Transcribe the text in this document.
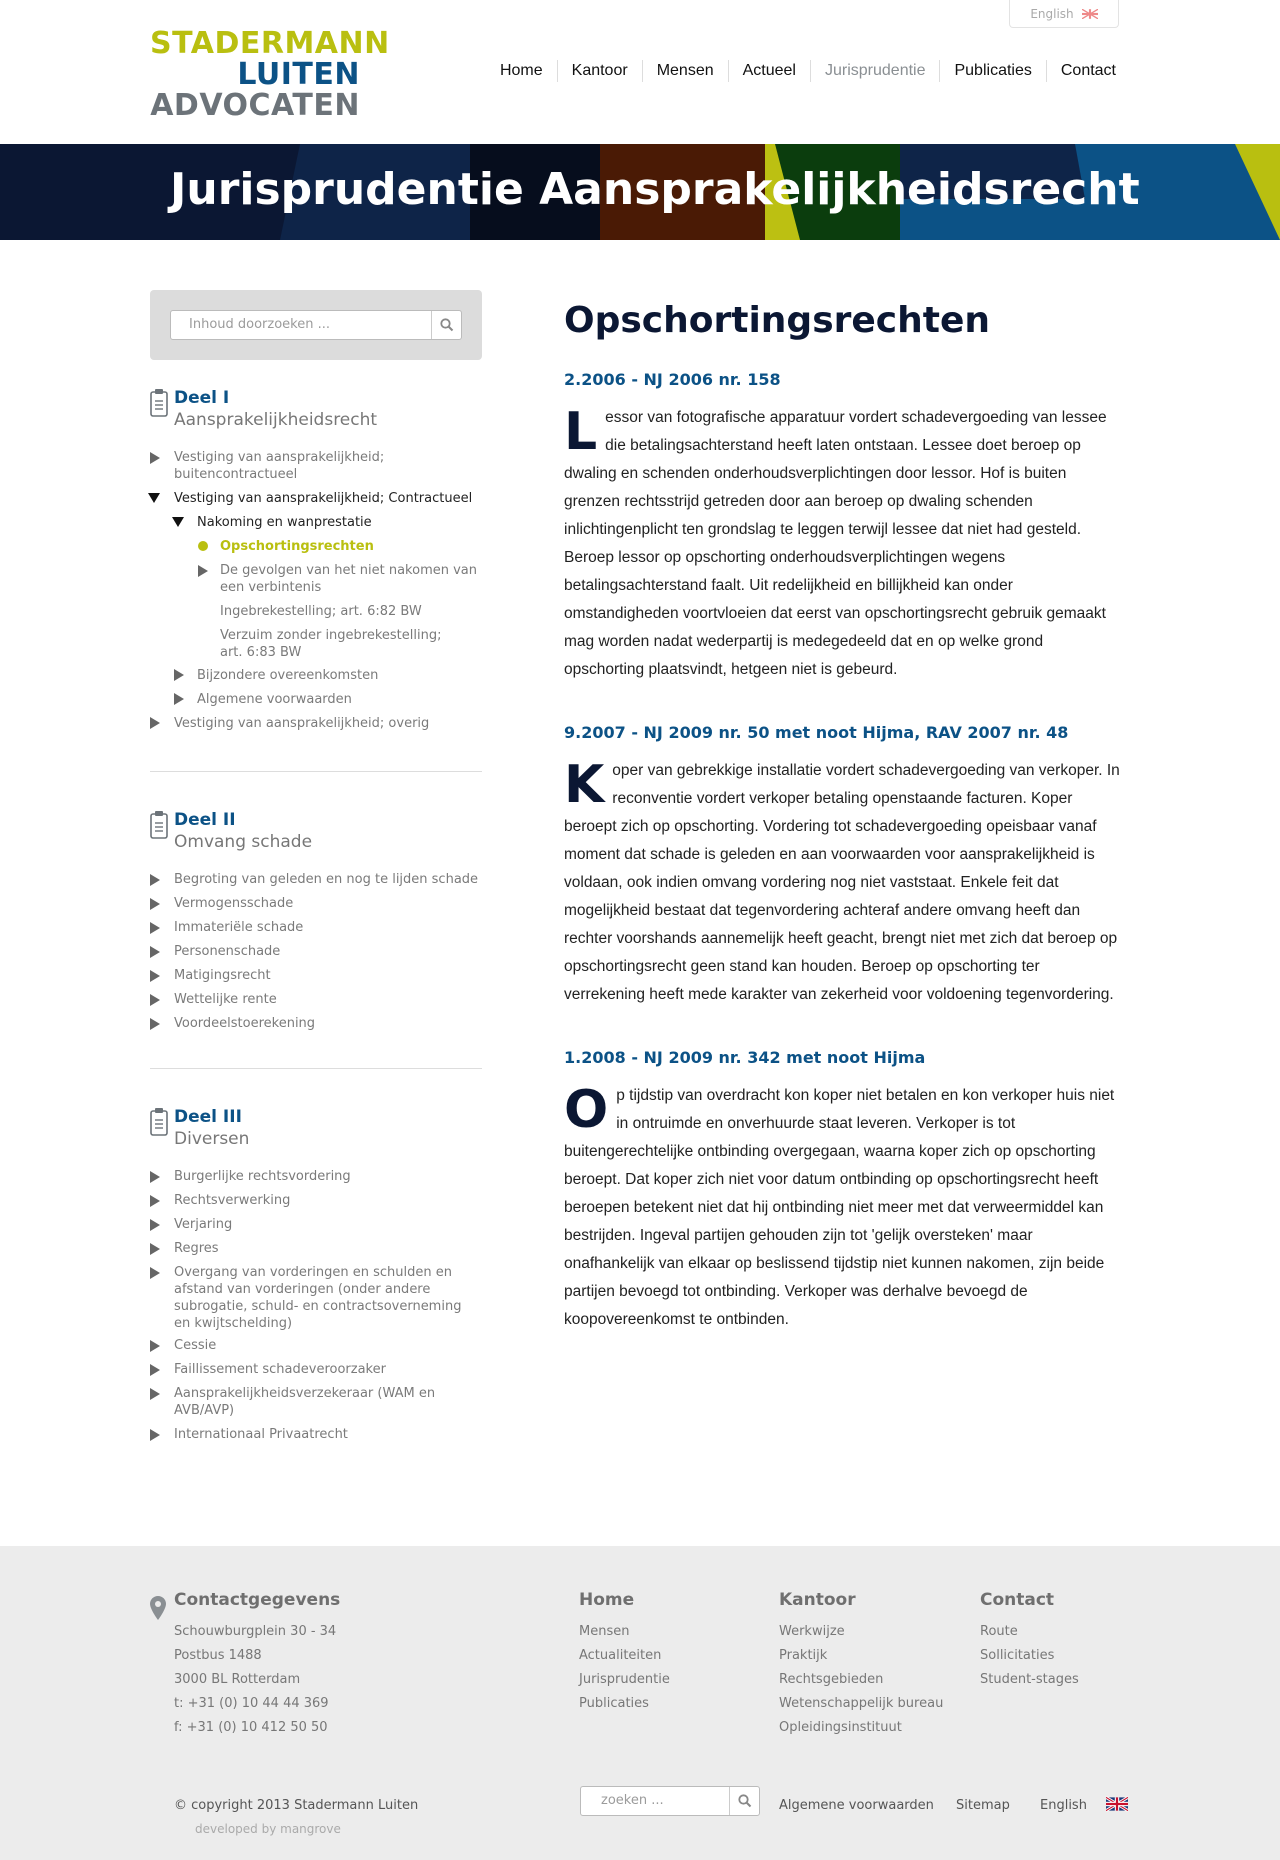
STADERMANN
LUITEN
ADVOCATEN
English
Home	Kantoor	Mensen	Actueel	Jurisprudentie	Publicaties	Contact
Jurisprudentie Aansprakelijkheidsrecht
Inhoud doorzoeken ...
Deel I
Aansprakelijkheidsrecht
Vestiging van aansprakelijkheid; buitencontractueel
Vestiging van aansprakelijkheid; Contractueel
Nakoming en wanprestatie
Opschortingsrechten
De gevolgen van het niet nakomen van een verbintenis
Ingebrekestelling; art. 6:82 BW
Verzuim zonder ingebrekestelling; art. 6:83 BW
Bijzondere overeenkomsten
Algemene voorwaarden
Vestiging van aansprakelijkheid; overig
Deel II
Omvang schade
Begroting van geleden en nog te lijden schade
Vermogensschade
Immateriële schade
Personenschade
Matigingsrecht
Wettelijke rente
Voordeelstoerekening
Deel III
Diversen
Burgerlijke rechtsvordering
Rechtsverwerking
Verjaring
Regres
Overgang van vorderingen en schulden en afstand van vorderingen (onder andere subrogatie, schuld- en contractsoverneming en kwijtschelding)
Cessie
Faillissement schadeveroorzaker
Aansprakelijkheidsverzekeraar (WAM en AVB/AVP)
Internationaal Privaatrecht
Opschortingsrechten
2.2006 - NJ 2006 nr. 158
Lessor van fotografische apparatuur vordert schadevergoeding van lessee die betalingsachterstand heeft laten ontstaan. Lessee doet beroep op dwaling en schenden onderhoudsverplichtingen door lessor. Hof is buiten grenzen rechtsstrijd getreden door aan beroep op dwaling schenden inlichtingenplicht ten grondslag te leggen terwijl lessee dat niet had gesteld. Beroep lessor op opschorting onderhoudsverplichtingen wegens betalingsachterstand faalt. Uit redelijkheid en billijkheid kan onder omstandigheden voortvloeien dat eerst van opschortingsrecht gebruik gemaakt mag worden nadat wederpartij is medegedeeld dat en op welke grond opschorting plaatsvindt, hetgeen niet is gebeurd.
9.2007 - NJ 2009 nr. 50 met noot Hijma, RAV 2007 nr. 48
Koper van gebrekkige installatie vordert schadevergoeding van verkoper. In reconventie vordert verkoper betaling openstaande facturen. Koper beroept zich op opschorting. Vordering tot schadevergoeding opeisbaar vanaf moment dat schade is geleden en aan voorwaarden voor aansprakelijkheid is voldaan, ook indien omvang vordering nog niet vaststaat. Enkele feit dat mogelijkheid bestaat dat tegenvordering achteraf andere omvang heeft dan rechter voorshands aannemelijk heeft geacht, brengt niet met zich dat beroep op opschortingsrecht geen stand kan houden. Beroep op opschorting ter verrekening heeft mede karakter van zekerheid voor voldoening tegenvordering.
1.2008 - NJ 2009 nr. 342 met noot Hijma
Op tijdstip van overdracht kon koper niet betalen en kon verkoper huis niet in ontruimde en onverhuurde staat leveren. Verkoper is tot buitengerechtelijke ontbinding overgegaan, waarna koper zich op opschorting beroept. Dat koper zich niet voor datum ontbinding op opschortingsrecht heeft beroepen betekent niet dat hij ontbinding niet meer met dat verweermiddel kan bestrijden. Ingeval partijen gehouden zijn tot 'gelijk oversteken' maar onafhankelijk van elkaar op beslissend tijdstip niet kunnen nakomen, zijn beide partijen bevoegd tot ontbinding. Verkoper was derhalve bevoegd de koopovereenkomst te ontbinden.
Contactgegevens
Schouwburgplein 30 - 34
Postbus 1488
3000 BL Rotterdam
t: +31 (0) 10 44 44 369
f: +31 (0) 10 412 50 50
Home
Mensen
Actualiteiten
Jurisprudentie
Publicaties
Kantoor
Werkwijze
Praktijk
Rechtsgebieden
Wetenschappelijk bureau
Opleidingsinstituut
Contact
Route
Sollicitaties
Student-stages
© copyright 2013 Stadermann Luiten
developed by mangrove
zoeken ...	Algemene voorwaarden Sitemap English
